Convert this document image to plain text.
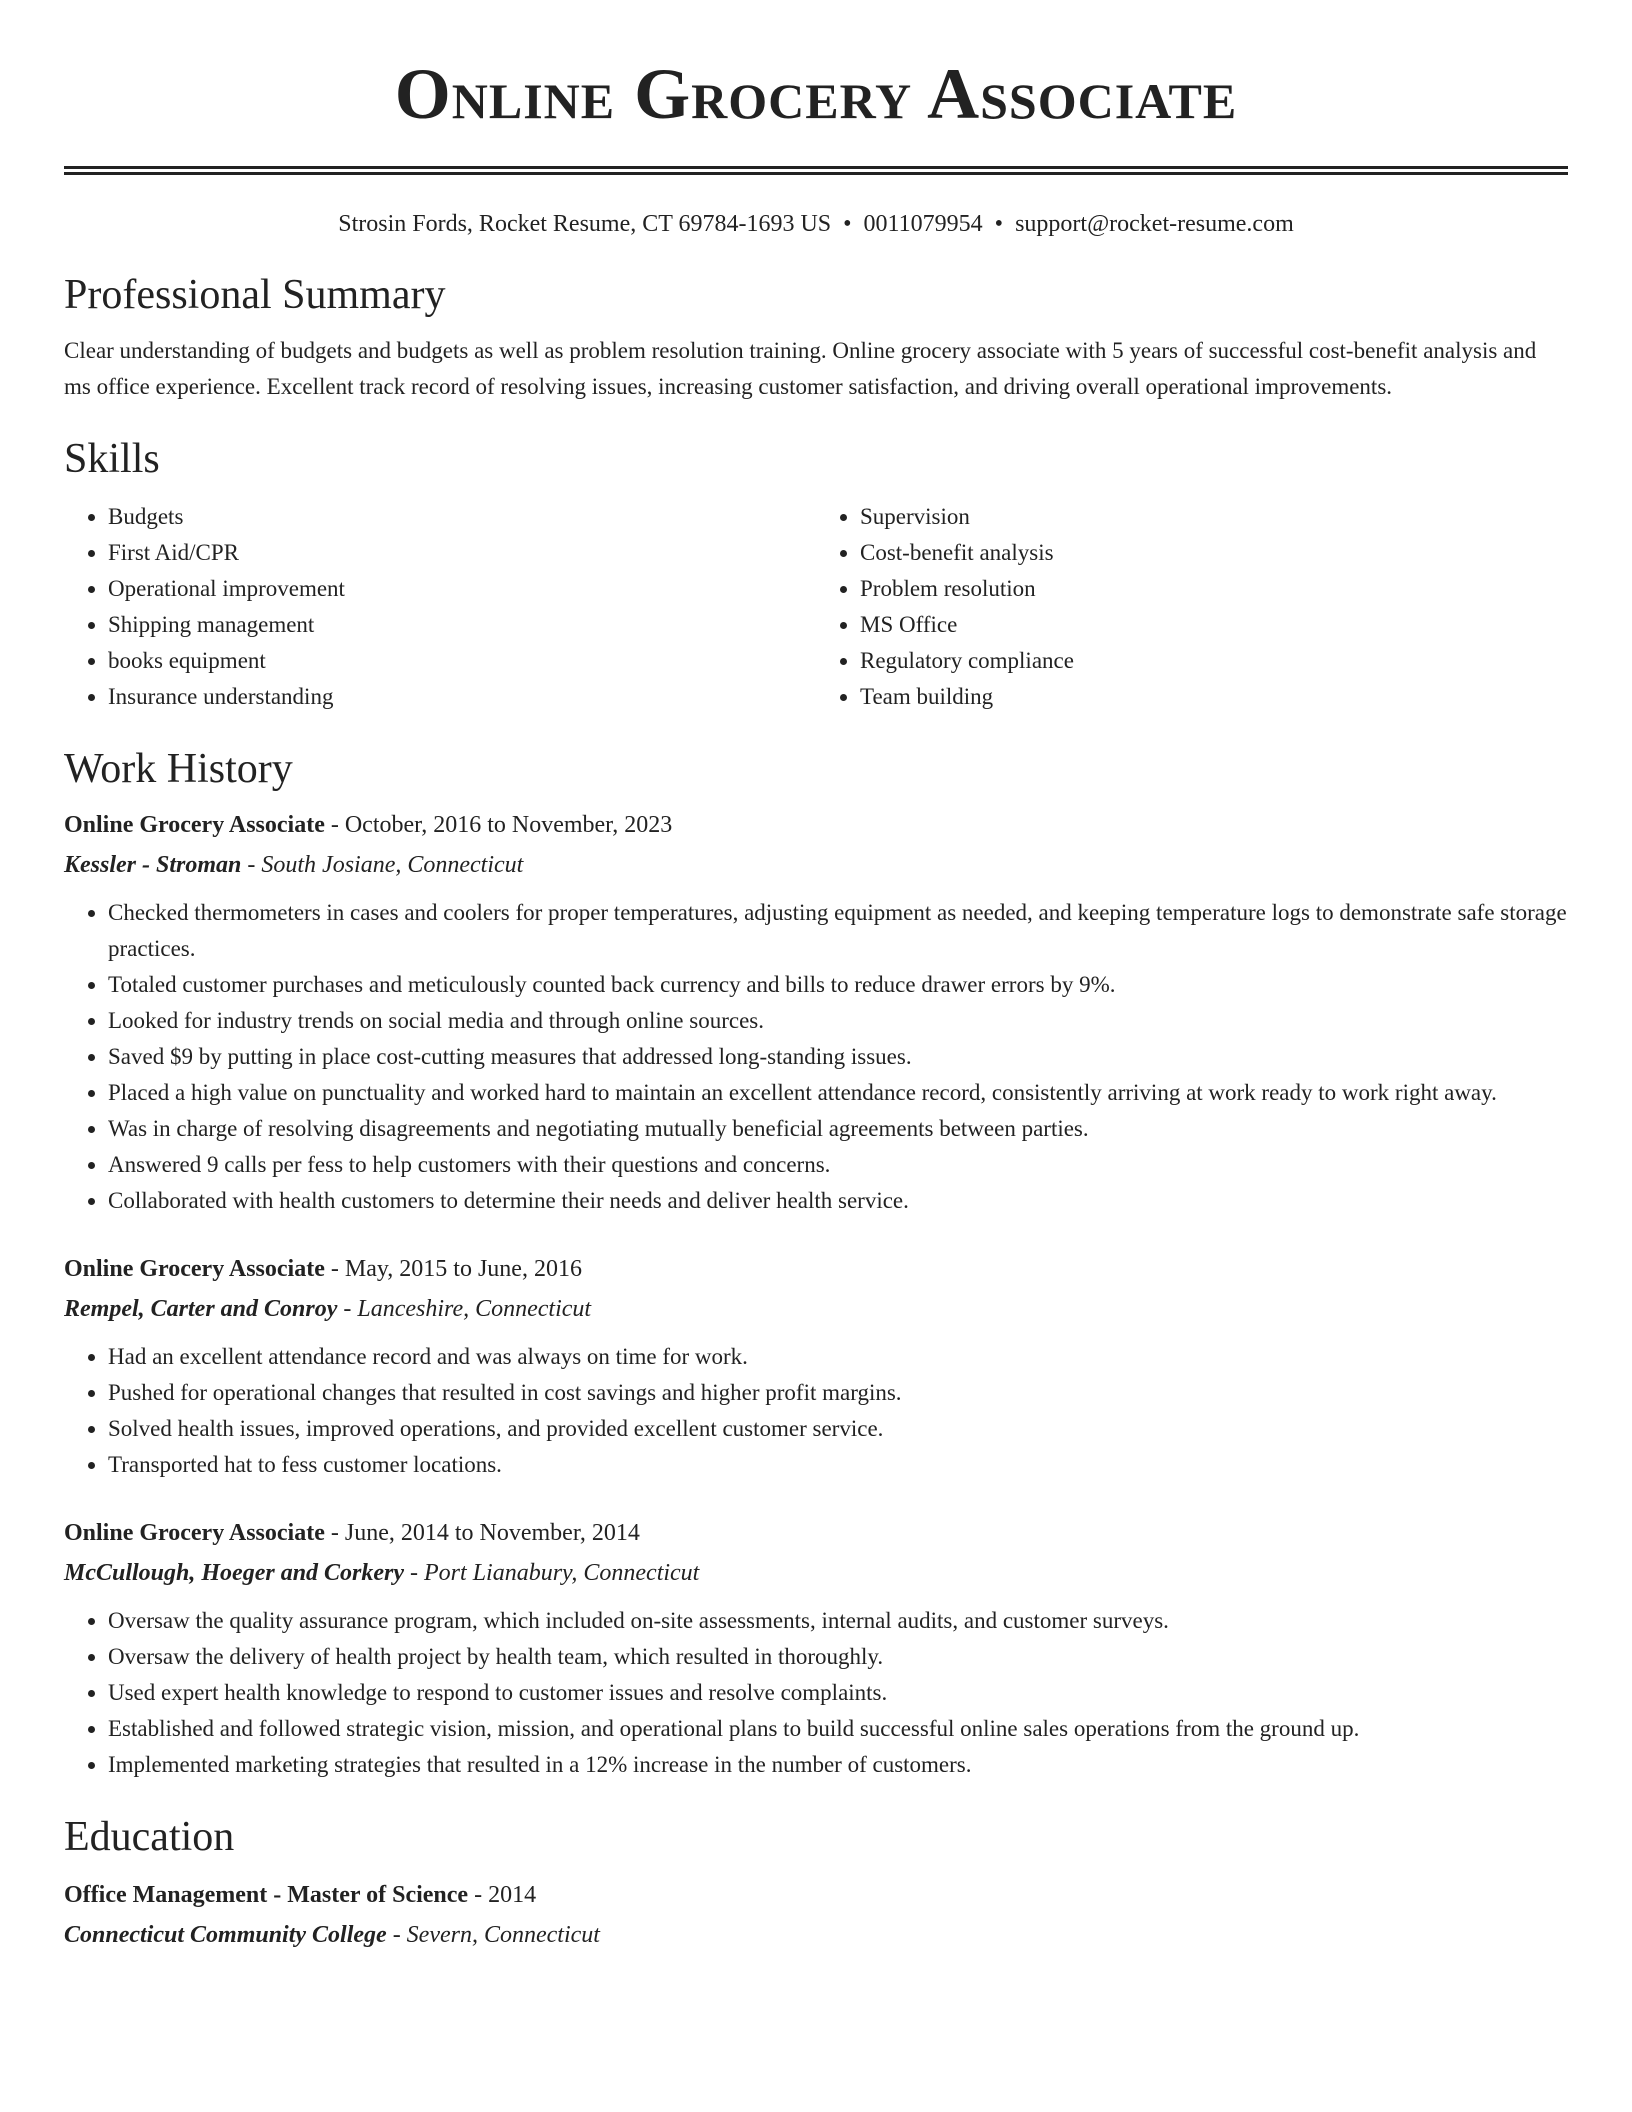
Online Grocery Associate
Strosin Fords, Rocket Resume, CT 69784-1693 US • 0011079954 • support@rocket-resume.com
Professional Summary

Clear understanding of budgets and budgets as well as problem resolution training. Online grocery associate with 5 years of successful cost-benefit analysis and ms office experience. Excellent track record of resolving issues, increasing customer satisfaction, and driving overall operational improvements.

Skills
• Budgets
• First Aid/CPR
• Operational improvement
• Shipping management
• books equipment
• Insurance understanding
• Supervision
• Cost-benefit analysis
• Problem resolution
• MS Office
• Regulatory compliance
• Team building
Work History
Online Grocery Associate - October, 2016 to November, 2023
Kessler - Stroman - South Josiane, Connecticut
• Checked thermometers in cases and coolers for proper temperatures, adjusting equipment as needed, and keeping temperature logs to demonstrate safe storage practices.
• Totaled customer purchases and meticulously counted back currency and bills to reduce drawer errors by 9%.
• Looked for industry trends on social media and through online sources.
• Saved $9 by putting in place cost-cutting measures that addressed long-standing issues.
• Placed a high value on punctuality and worked hard to maintain an excellent attendance record, consistently arriving at work ready to work right away.
• Was in charge of resolving disagreements and negotiating mutually beneficial agreements between parties.
• Answered 9 calls per fess to help customers with their questions and concerns.
• Collaborated with health customers to determine their needs and deliver health service.
Online Grocery Associate - May, 2015 to June, 2016
Rempel, Carter and Conroy - Lanceshire, Connecticut
• Had an excellent attendance record and was always on time for work.
• Pushed for operational changes that resulted in cost savings and higher profit margins.
• Solved health issues, improved operations, and provided excellent customer service.
• Transported hat to fess customer locations.
Online Grocery Associate - June, 2014 to November, 2014
McCullough, Hoeger and Corkery - Port Lianabury, Connecticut
• Oversaw the quality assurance program, which included on-site assessments, internal audits, and customer surveys.
• Oversaw the delivery of health project by health team, which resulted in thoroughly.
• Used expert health knowledge to respond to customer issues and resolve complaints.
• Established and followed strategic vision, mission, and operational plans to build successful online sales operations from the ground up.
• Implemented marketing strategies that resulted in a 12% increase in the number of customers.
Education
Office Management - Master of Science - 2014
Connecticut Community College - Severn, Connecticut
